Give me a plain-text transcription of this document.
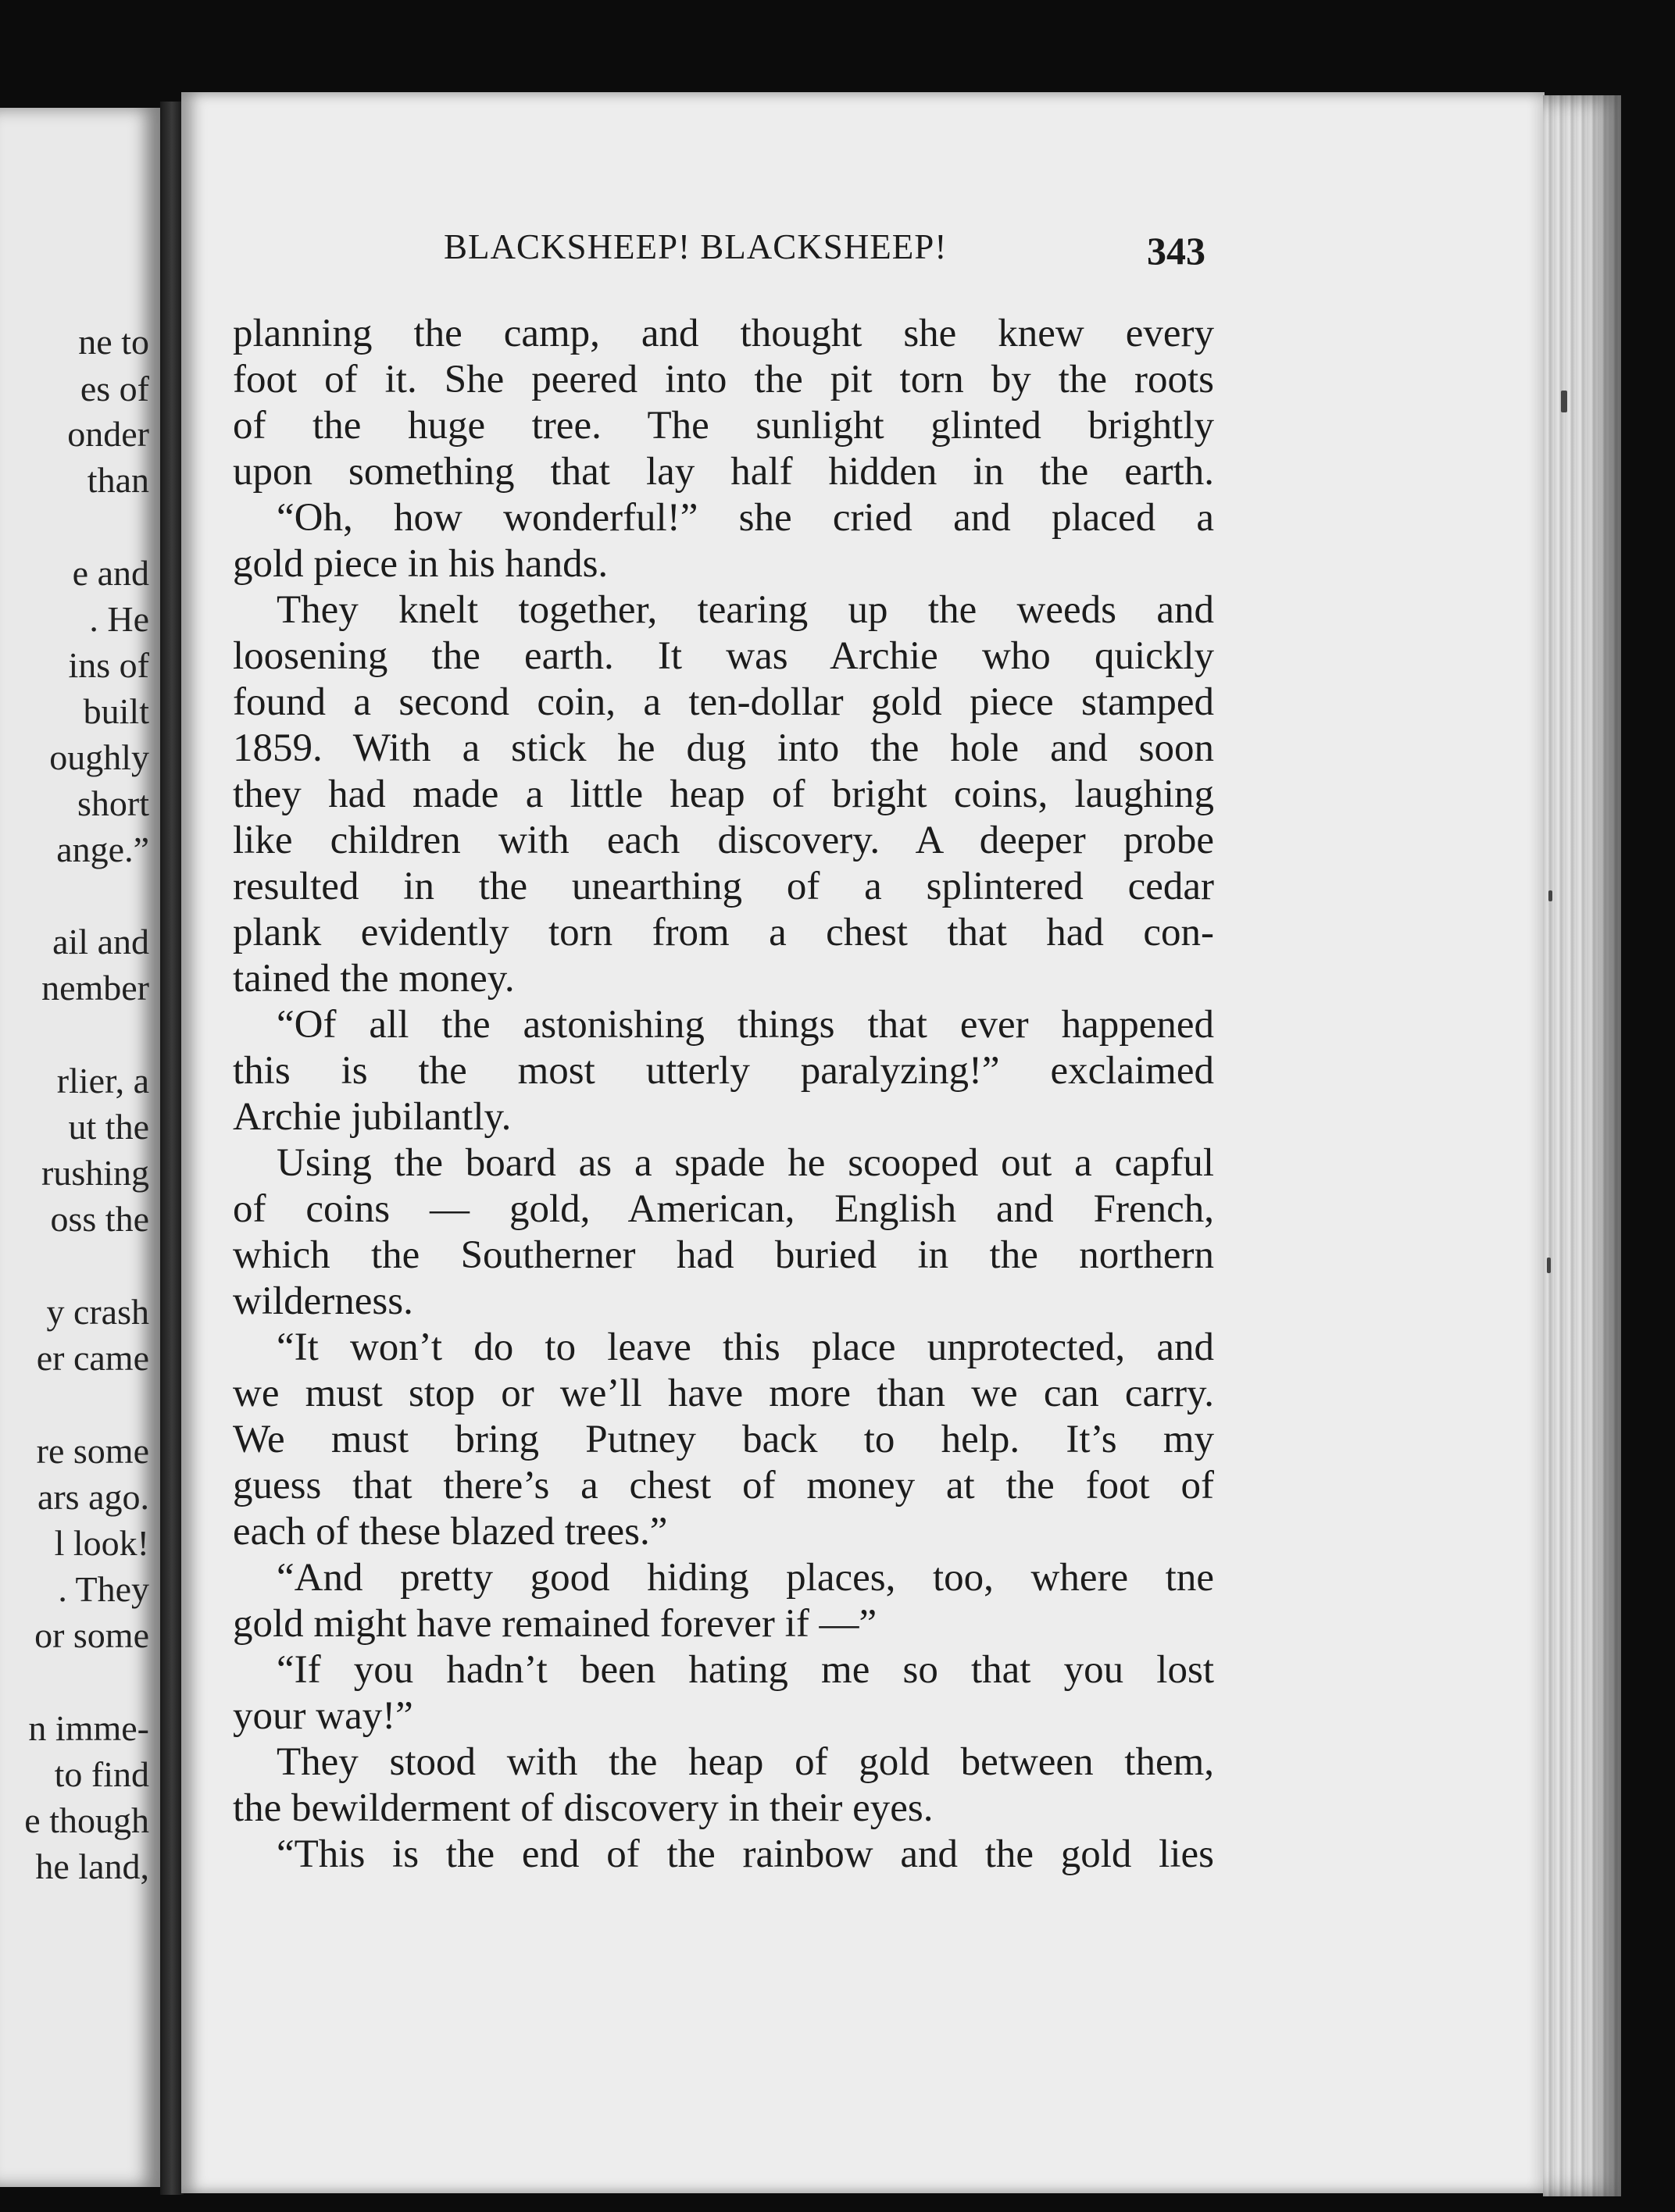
ne to
es of
onder
than
e and
. He
ins of
built
oughly
short
ange.”
ail and
nember
rlier, a
ut the
rushing
oss the
y crash
er came
re some
ars ago.
l look!
. They
or some
n imme-
to find
e though
he land,
BLACKSHEEP! BLACKSHEEP!	343
planning the camp, and thought she knew every
foot of it. She peered into the pit torn by the roots
of the huge tree. The sunlight glinted brightly
upon something that lay half hidden in the earth.
“Oh, how wonderful!” she cried and placed a
gold piece in his hands.
They knelt together, tearing up the weeds and
loosening the earth. It was Archie who quickly
found a second coin, a ten-dollar gold piece stamped
1859. With a stick he dug into the hole and soon
they had made a little heap of bright coins, laughing
like children with each discovery. A deeper probe
resulted in the unearthing of a splintered cedar
plank evidently torn from a chest that had con-
tained the money.
“Of all the astonishing things that ever happened
this is the most utterly paralyzing!” exclaimed
Archie jubilantly.
Using the board as a spade he scooped out a capful
of coins — gold, American, English and French,
which the Southerner had buried in the northern
wilderness.
“It won’t do to leave this place unprotected, and
we must stop or we’ll have more than we can carry.
We must bring Putney back to help. It’s my
guess that there’s a chest of money at the foot of
each of these blazed trees.”
“And pretty good hiding places, too, where tne
gold might have remained forever if —”
“If you hadn’t been hating me so that you lost
your way!”
They stood with the heap of gold between them,
the bewilderment of discovery in their eyes.
“This is the end of the rainbow and the gold lies
